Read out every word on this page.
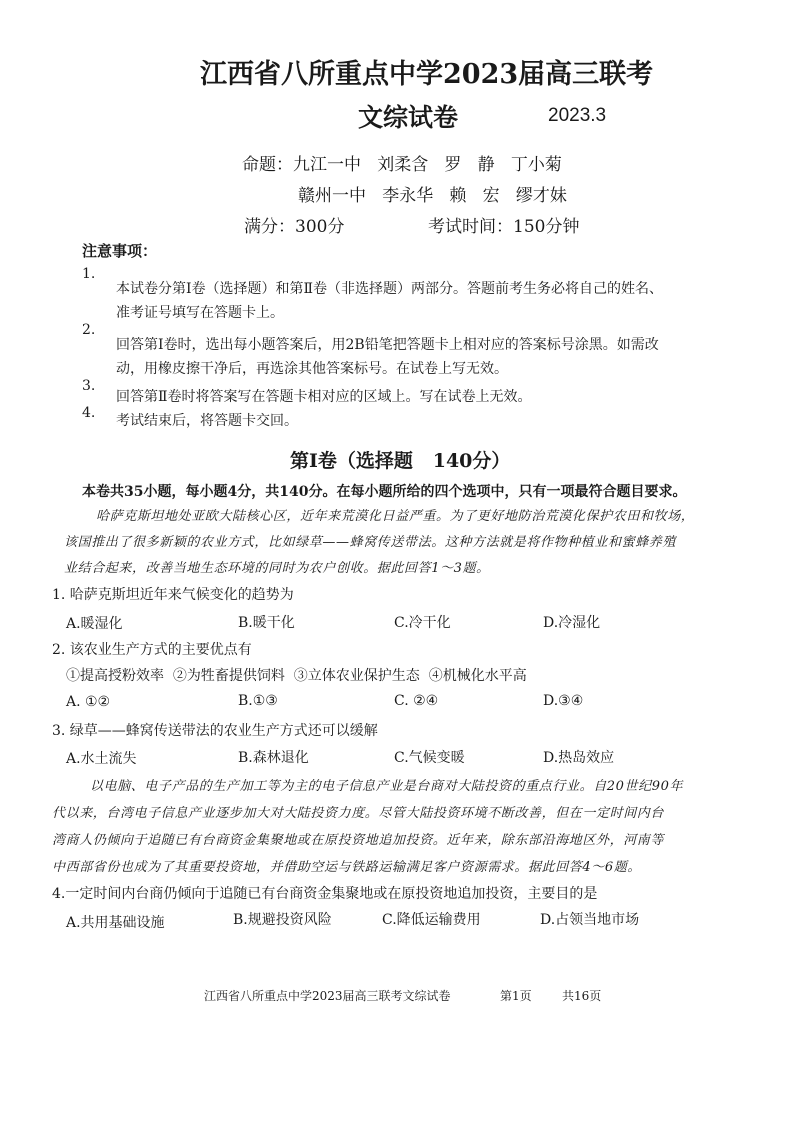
江西省八所重点中学2023届高三联考
文综试卷	2023.3
命题：九江一中   刘柔含   罗   静   丁小菊
赣州一中   李永华   赖   宏   缪才妹
满分：300分	考试时间：150分钟
注意事项：
1.
本试卷分第Ⅰ卷（选择题）和第Ⅱ卷（非选择题）两部分。答题前考生务必将自己的姓名、
准考证号填写在答题卡上。
2.
回答第Ⅰ卷时，选出每小题答案后，用2B铅笔把答题卡上相对应的答案标号涂黑。如需改
动，用橡皮擦干净后，再选涂其他答案标号。在试卷上写无效。
3.
回答第Ⅱ卷时将答案写在答题卡相对应的区域上。写在试卷上无效。
4. 考试结束后，将答题卡交回。
第Ⅰ卷（选择题   140分）
本卷共35小题，每小题4分，共140分。在每小题所给的四个选项中，只有一项最符合题目要求。
哈萨克斯坦地处亚欧大陆核心区，近年来荒漠化日益严重。为了更好地防治荒漠化保护农田和牧场，
该国推出了很多新颖的农业方式，比如绿草——蜂窝传送带法。这种方法就是将作物种植业和蜜蜂养殖
业结合起来，改善当地生态环境的同时为农户创收。据此回答1～3题。
1. 哈萨克斯坦近年来气候变化的趋势为
A.暖湿化	B.暖干化	C.冷干化	D.冷湿化
2. 该农业生产方式的主要优点有
①提高授粉效率  ②为牲畜提供饲料  ③立体农业保护生态  ④机械化水平高
A. ①②	B.①③	C. ②④	D.③④
3. 绿草——蜂窝传送带法的农业生产方式还可以缓解
A.水土流失	B.森林退化	C.气候变暖	D.热岛效应
以电脑、电子产品的生产加工等为主的电子信息产业是台商对大陆投资的重点行业。自20世纪90年
代以来，台湾电子信息产业逐步加大对大陆投资力度。尽管大陆投资环境不断改善，但在一定时间内台
湾商人仍倾向于追随已有台商资金集聚地或在原投资地追加投资。近年来，除东部沿海地区外，河南等
中西部省份也成为了其重要投资地，并借助空运与铁路运输满足客户资源需求。据此回答4～6题。
4.一定时间内台商仍倾向于追随已有台商资金集聚地或在原投资地追加投资，主要目的是
A.共用基础设施	B.规避投资风险	C.降低运输费用	D.占领当地市场
江西省八所重点中学2023届高三联考文综试卷	第1页	共16页
